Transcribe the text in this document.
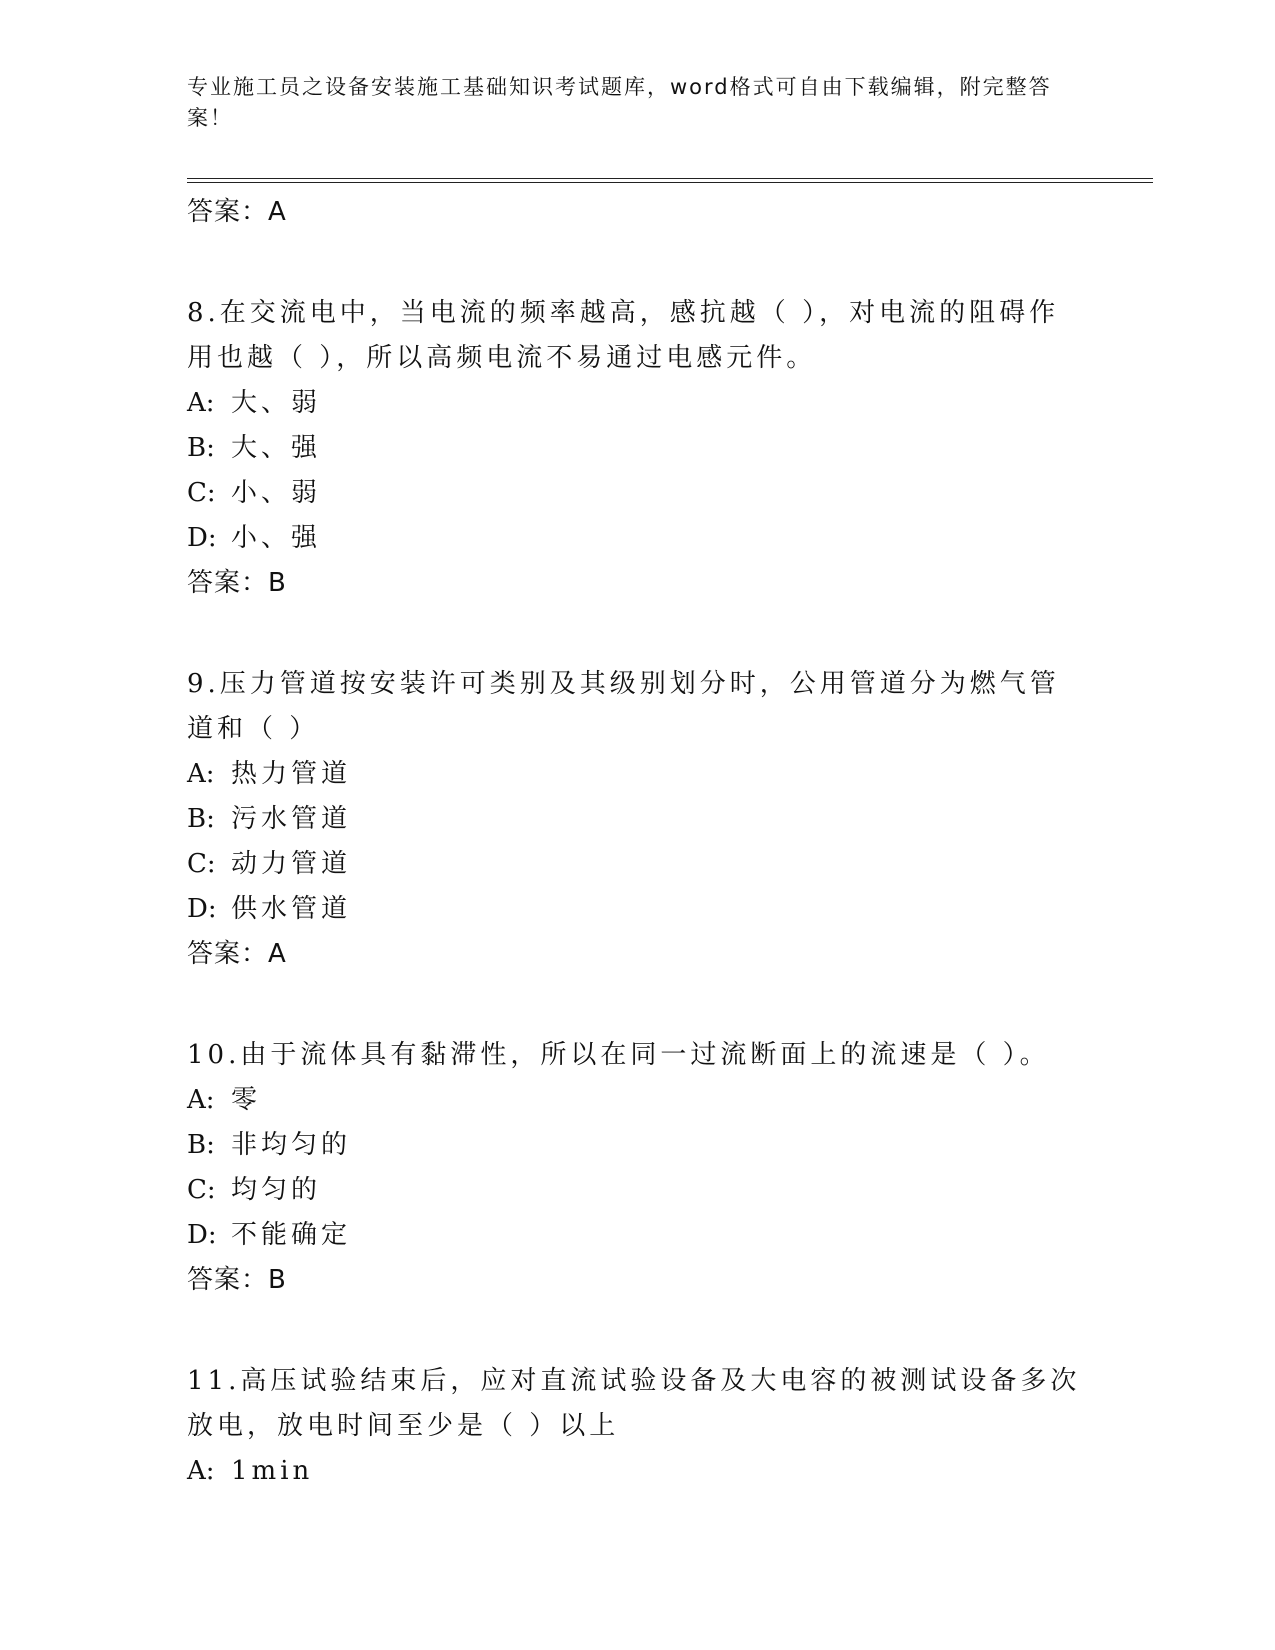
专业施工员之设备安装施工基础知识考试题库，word格式可自由下载编辑，附完整答案！
答案：A

8.在交流电中，当电流的频率越高，感抗越（ ），对电流的阻碍作用也越（ ），所以高频电流不易通过电感元件。

A: 大、弱
B: 大、强
C: 小、弱
D: 小、强
答案：B

9.压力管道按安装许可类别及其级别划分时，公用管道分为燃气管道和（ ）

A: 热力管道
B: 污水管道
C: 动力管道
D: 供水管道
答案：A

10.由于流体具有黏滞性，所以在同一过流断面上的流速是（ ）。

A: 零
B: 非均匀的
C: 均匀的
D: 不能确定
答案：B

11.高压试验结束后，应对直流试验设备及大电容的被测试设备多次放电，放电时间至少是（ ）以上

A: 1min
